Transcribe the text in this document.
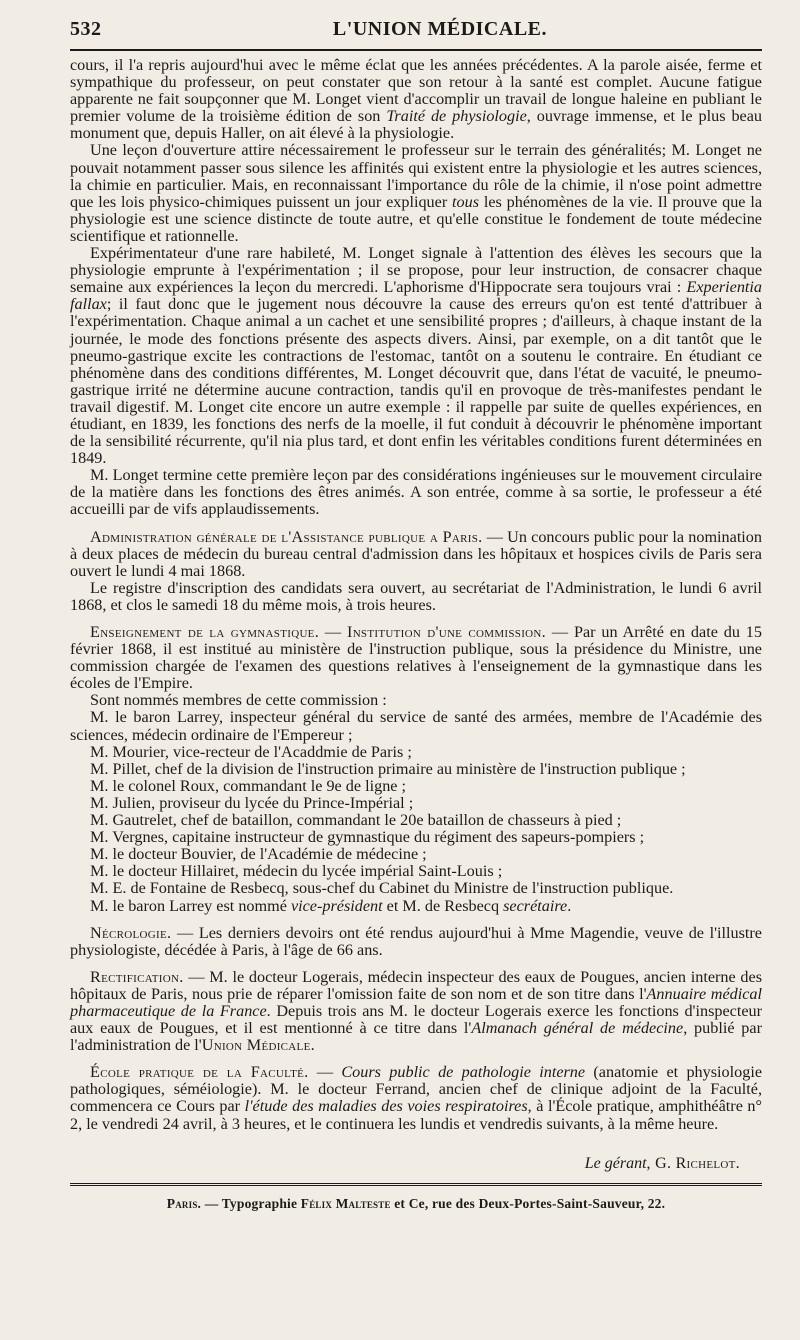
532	L'UNION MÉDICALE.

cours, il l'a repris aujourd'hui avec le même éclat que les années précédentes. A la parole aisée, ferme et sympathique du professeur, on peut constater que son retour à la santé est complet. Aucune fatigue apparente ne fait soupçonner que M. Longet vient d'accomplir un travail de longue haleine en publiant le premier volume de la troisième édition de son Traité de physiologie, ouvrage immense, et le plus beau monument que, depuis Haller, on ait élevé à la physiologie.

Une leçon d'ouverture attire nécessairement le professeur sur le terrain des généralités; M. Longet ne pouvait notamment passer sous silence les affinités qui existent entre la physiologie et les autres sciences, la chimie en particulier. Mais, en reconnaissant l'importance du rôle de la chimie, il n'ose point admettre que les lois physico-chimiques puissent un jour expliquer tous les phénomènes de la vie. Il prouve que la physiologie est une science distincte de toute autre, et qu'elle constitue le fondement de toute médecine scientifique et rationnelle.

Expérimentateur d'une rare habileté, M. Longet signale à l'attention des élèves les secours que la physiologie emprunte à l'expérimentation ; il se propose, pour leur instruction, de consacrer chaque semaine aux expériences la leçon du mercredi. L'aphorisme d'Hippocrate sera toujours vrai : Experientia fallax; il faut donc que le jugement nous découvre la cause des erreurs qu'on est tenté d'attribuer à l'expérimentation. Chaque animal a un cachet et une sensibilité propres ; d'ailleurs, à chaque instant de la journée, le mode des fonctions présente des aspects divers. Ainsi, par exemple, on a dit tantôt que le pneumo-gastrique excite les contractions de l'estomac, tantôt on a soutenu le contraire. En étudiant ce phénomène dans des conditions différentes, M. Longet découvrit que, dans l'état de vacuité, le pneumo-gastrique irrité ne détermine aucune contraction, tandis qu'il en provoque de très-manifestes pendant le travail digestif. M. Longet cite encore un autre exemple : il rappelle par suite de quelles expériences, en étudiant, en 1839, les fonctions des nerfs de la moelle, il fut conduit à découvrir le phénomène important de la sensibilité récurrente, qu'il nia plus tard, et dont enfin les véritables conditions furent déterminées en 1849.

M. Longet termine cette première leçon par des considérations ingénieuses sur le mouvement circulaire de la matière dans les fonctions des êtres animés. A son entrée, comme à sa sortie, le professeur a été accueilli par de vifs applaudissements.

Administration générale de l'Assistance publique a Paris. — Un concours public pour la nomination à deux places de médecin du bureau central d'admission dans les hôpitaux et hospices civils de Paris sera ouvert le lundi 4 mai 1868.

Le registre d'inscription des candidats sera ouvert, au secrétariat de l'Administration, le lundi 6 avril 1868, et clos le samedi 18 du même mois, à trois heures.

Enseignement de la gymnastique. — Institution d'une commission. — Par un Arrêté en date du 15 février 1868, il est institué au ministère de l'instruction publique, sous la présidence du Ministre, une commission chargée de l'examen des questions relatives à l'enseignement de la gymnastique dans les écoles de l'Empire.

Sont nommés membres de cette commission :

M. le baron Larrey, inspecteur général du service de santé des armées, membre de l'Académie des sciences, médecin ordinaire de l'Empereur ;

M. Mourier, vice-recteur de l'Acaddmie de Paris ;

M. Pillet, chef de la division de l'instruction primaire au ministère de l'instruction publique ;

M. le colonel Roux, commandant le 9e de ligne ;

M. Julien, proviseur du lycée du Prince-Impérial ;

M. Gautrelet, chef de bataillon, commandant le 20e bataillon de chasseurs à pied ;

M. Vergnes, capitaine instructeur de gymnastique du régiment des sapeurs-pompiers ;

M. le docteur Bouvier, de l'Académie de médecine ;

M. le docteur Hillairet, médecin du lycée impérial Saint-Louis ;

M. E. de Fontaine de Resbecq, sous-chef du Cabinet du Ministre de l'instruction publique.

M. le baron Larrey est nommé vice-président et M. de Resbecq secrétaire.

Nécrologie. — Les derniers devoirs ont été rendus aujourd'hui à Mme Magendie, veuve de l'illustre physiologiste, décédée à Paris, à l'âge de 66 ans.

Rectification. — M. le docteur Logerais, médecin inspecteur des eaux de Pougues, ancien interne des hôpitaux de Paris, nous prie de réparer l'omission faite de son nom et de son titre dans l'Annuaire médical pharmaceutique de la France. Depuis trois ans M. le docteur Logerais exerce les fonctions d'inspecteur aux eaux de Pougues, et il est mentionné à ce titre dans l'Almanach général de médecine, publié par l'administration de l'Union Médicale.

École pratique de la Faculté. — Cours public de pathologie interne (anatomie et physiologie pathologiques, séméiologie). M. le docteur Ferrand, ancien chef de clinique adjoint de la Faculté, commencera ce Cours par l'étude des maladies des voies respiratoires, à l'École pratique, amphithéâtre n° 2, le vendredi 24 avril, à 3 heures, et le continuera les lundis et vendredis suivants, à la même heure.

Le gérant, G. Richelot.
Paris. — Typographie Félix Malteste et Ce, rue des Deux-Portes-Saint-Sauveur, 22.
